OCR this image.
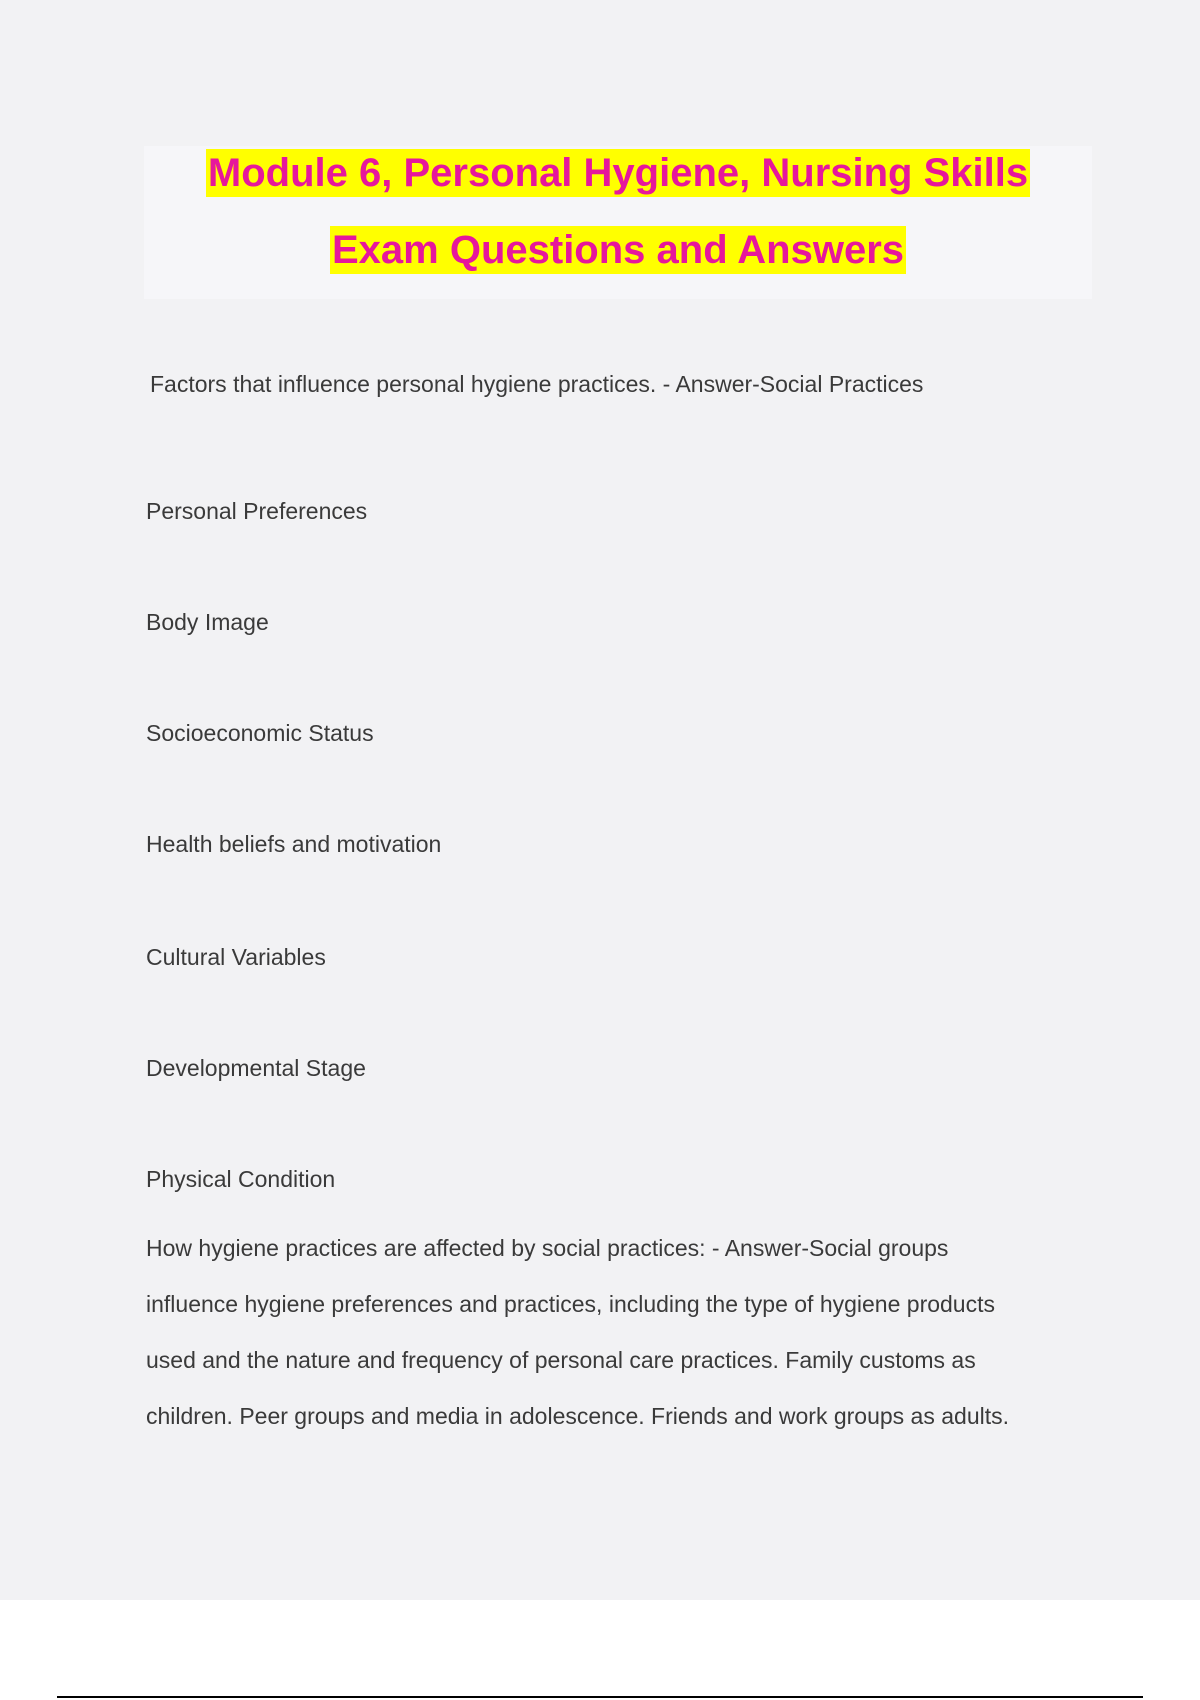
Module 6, Personal Hygiene, Nursing Skills
Exam Questions and Answers

Factors that influence personal hygiene practices. - Answer-Social Practices

Personal Preferences

Body Image

Socioeconomic Status

Health beliefs and motivation

Cultural Variables

Developmental Stage

Physical Condition

How hygiene practices are affected by social practices: - Answer-Social groups
influence hygiene preferences and practices, including the type of hygiene products
used and the nature and frequency of personal care practices. Family customs as
children. Peer groups and media in adolescence. Friends and work groups as adults.
